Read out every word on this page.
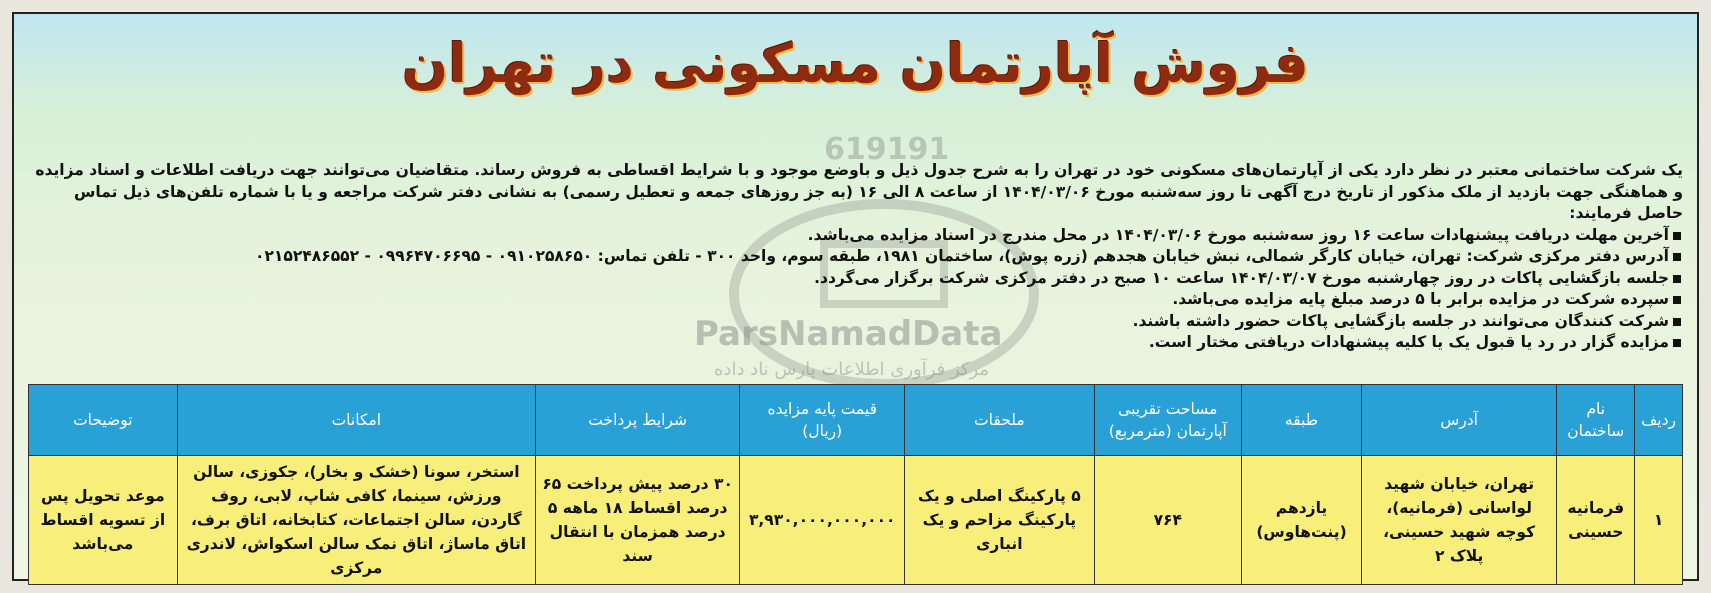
فروش آپارتمان مسکونی در تهران
619191
ParsNamadData
مرکز فرآوری اطلاعات پارس ناد داده

یک شرکت ساختمانی معتبر در نظر دارد یکی از آپارتمان‌های مسکونی خود در تهران را به شرح جدول ذیل و باوضع موجود و با شرایط اقساطی به فروش رساند. متقاضیان می‌توانند جهت دریافت اطلاعات و اسناد مزایده و هماهنگی جهت بازدید از ملک مذکور از تاریخ درج آگهی تا روز سه‌شنبه مورخ ۱۴۰۴/۰۳/۰۶ از ساعت ۸ الی ۱۶ (به جز روزهای جمعه و تعطیل رسمی) به نشانی دفتر شرکت مراجعه و یا با شماره تلفن‌های ذیل تماس حاصل فرمایند:

آخرین مهلت دریافت پیشنهادات ساعت ۱۶ روز سه‌شنبه مورخ ۱۴۰۴/۰۳/۰۶ در محل مندرج در اسناد مزایده می‌باشد.
آدرس دفتر مرکزی شرکت: تهران، خیابان کارگر شمالی، نبش خیابان هجدهم (زره پوش)، ساختمان ۱۹۸۱، طبقه سوم، واحد ۳۰۰ - تلفن تماس: ۰۹۱۰۲۵۸۶۵۰ - ۰۹۹۶۴۷۰۶۶۹۵ - ۰۲۱۵۲۴۸۶۵۵۲
جلسه بازگشایی پاکات در روز چهارشنبه مورخ ۱۴۰۴/۰۳/۰۷ ساعت ۱۰ صبح در دفتر مرکزی شرکت برگزار می‌گردد.
سپرده شرکت در مزایده برابر با ۵ درصد مبلغ پایه مزایده می‌باشد.
شرکت کنندگان می‌توانند در جلسه بازگشایی پاکات حضور داشته باشند.
مزایده گزار در رد یا قبول یک یا کلیه پیشنهادات دریافتی مختار است.
ردیف	نام ساختمان	آدرس	طبقه	مساحت تقریبی آپارتمان (مترمربع)	ملحقات	قیمت پایه مزایده (ریال)	شرایط پرداخت	امکانات	توضیحات
۱	فرمانیه حسینی	تهران، خیابان شهید لواسانی (فرمانیه)، کوچه شهید حسینی، پلاک ۲	یازدهم (پنت‌هاوس)	۷۶۴	۵ پارکینگ اصلی و یک پارکینگ مزاحم و یک انباری	۳,۹۳۰,۰۰۰,۰۰۰,۰۰۰	۳۰ درصد پیش پرداخت ۶۵ درصد اقساط ۱۸ ماهه ۵ درصد همزمان با انتقال سند	استخر، سونا (خشک و بخار)، جکوزی، سالن ورزش، سینما، کافی شاپ، لابی، روف گاردن، سالن اجتماعات، کتابخانه، اتاق برف، اتاق ماساژ، اتاق نمک سالن اسکواش، لاندری مرکزی	موعد تحویل پس از تسویه اقساط می‌باشد
